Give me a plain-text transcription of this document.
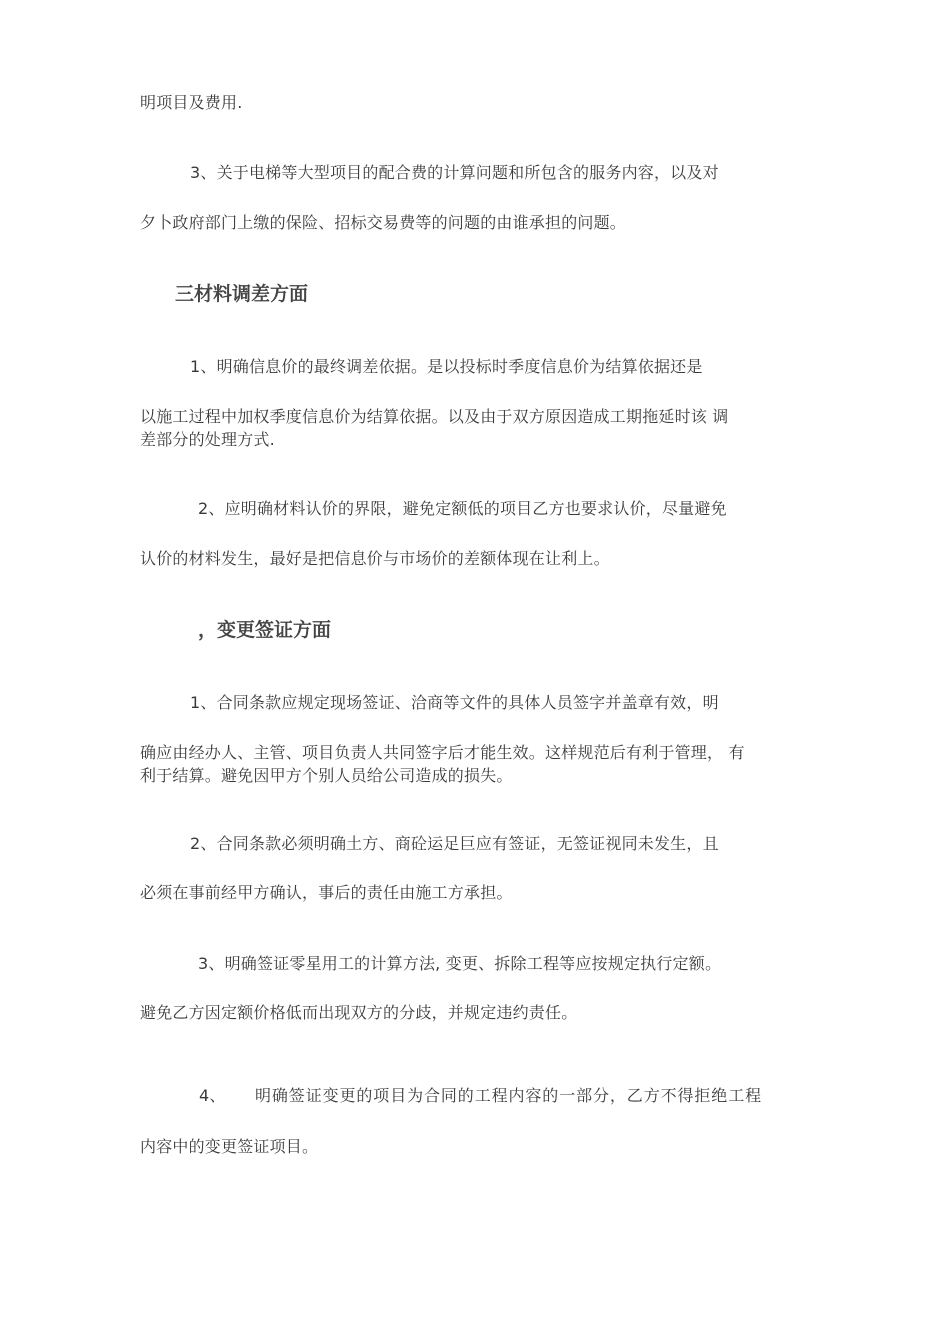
明项目及费用.
3、关于电梯等大型项目的配合费的计算问题和所包含的服务内容，以及对
夕卜政府部门上缴的保险、招标交易费等的问题的由谁承担的问题。
三材料调差方面
1、明确信息价的最终调差依据。是以投标时季度信息价为结算依据还是
以施工过程中加权季度信息价为结算依据。以及由于双方原因造成工期拖延时该 调
差部分的处理方式.
2、应明确材料认价的界限，避免定额低的项目乙方也要求认价，尽量避免
认价的材料发生，最好是把信息价与市场价的差额体现在让利上。
，变更签证方面
1、合同条款应规定现场签证、洽商等文件的具体人员签字并盖章有效，明
确应由经办人、主管、项目负责人共同签字后才能生效。这样规范后有利于管理， 有
利于结算。避免因甲方个别人员给公司造成的损失。
2、合同条款必须明确土方、商砼运足巨应有签证，无签证视同未发生，且
必须在事前经甲方确认，事后的责任由施工方承担。
3、明确签证零星用工的计算方法, 变更、拆除工程等应按规定执行定额。
避免乙方因定额价格低而出现双方的分歧，并规定违约责任。
4、 明确签证变更的项目为合同的工程内容的一部分，乙方不得拒绝工程
内容中的变更签证项目。
